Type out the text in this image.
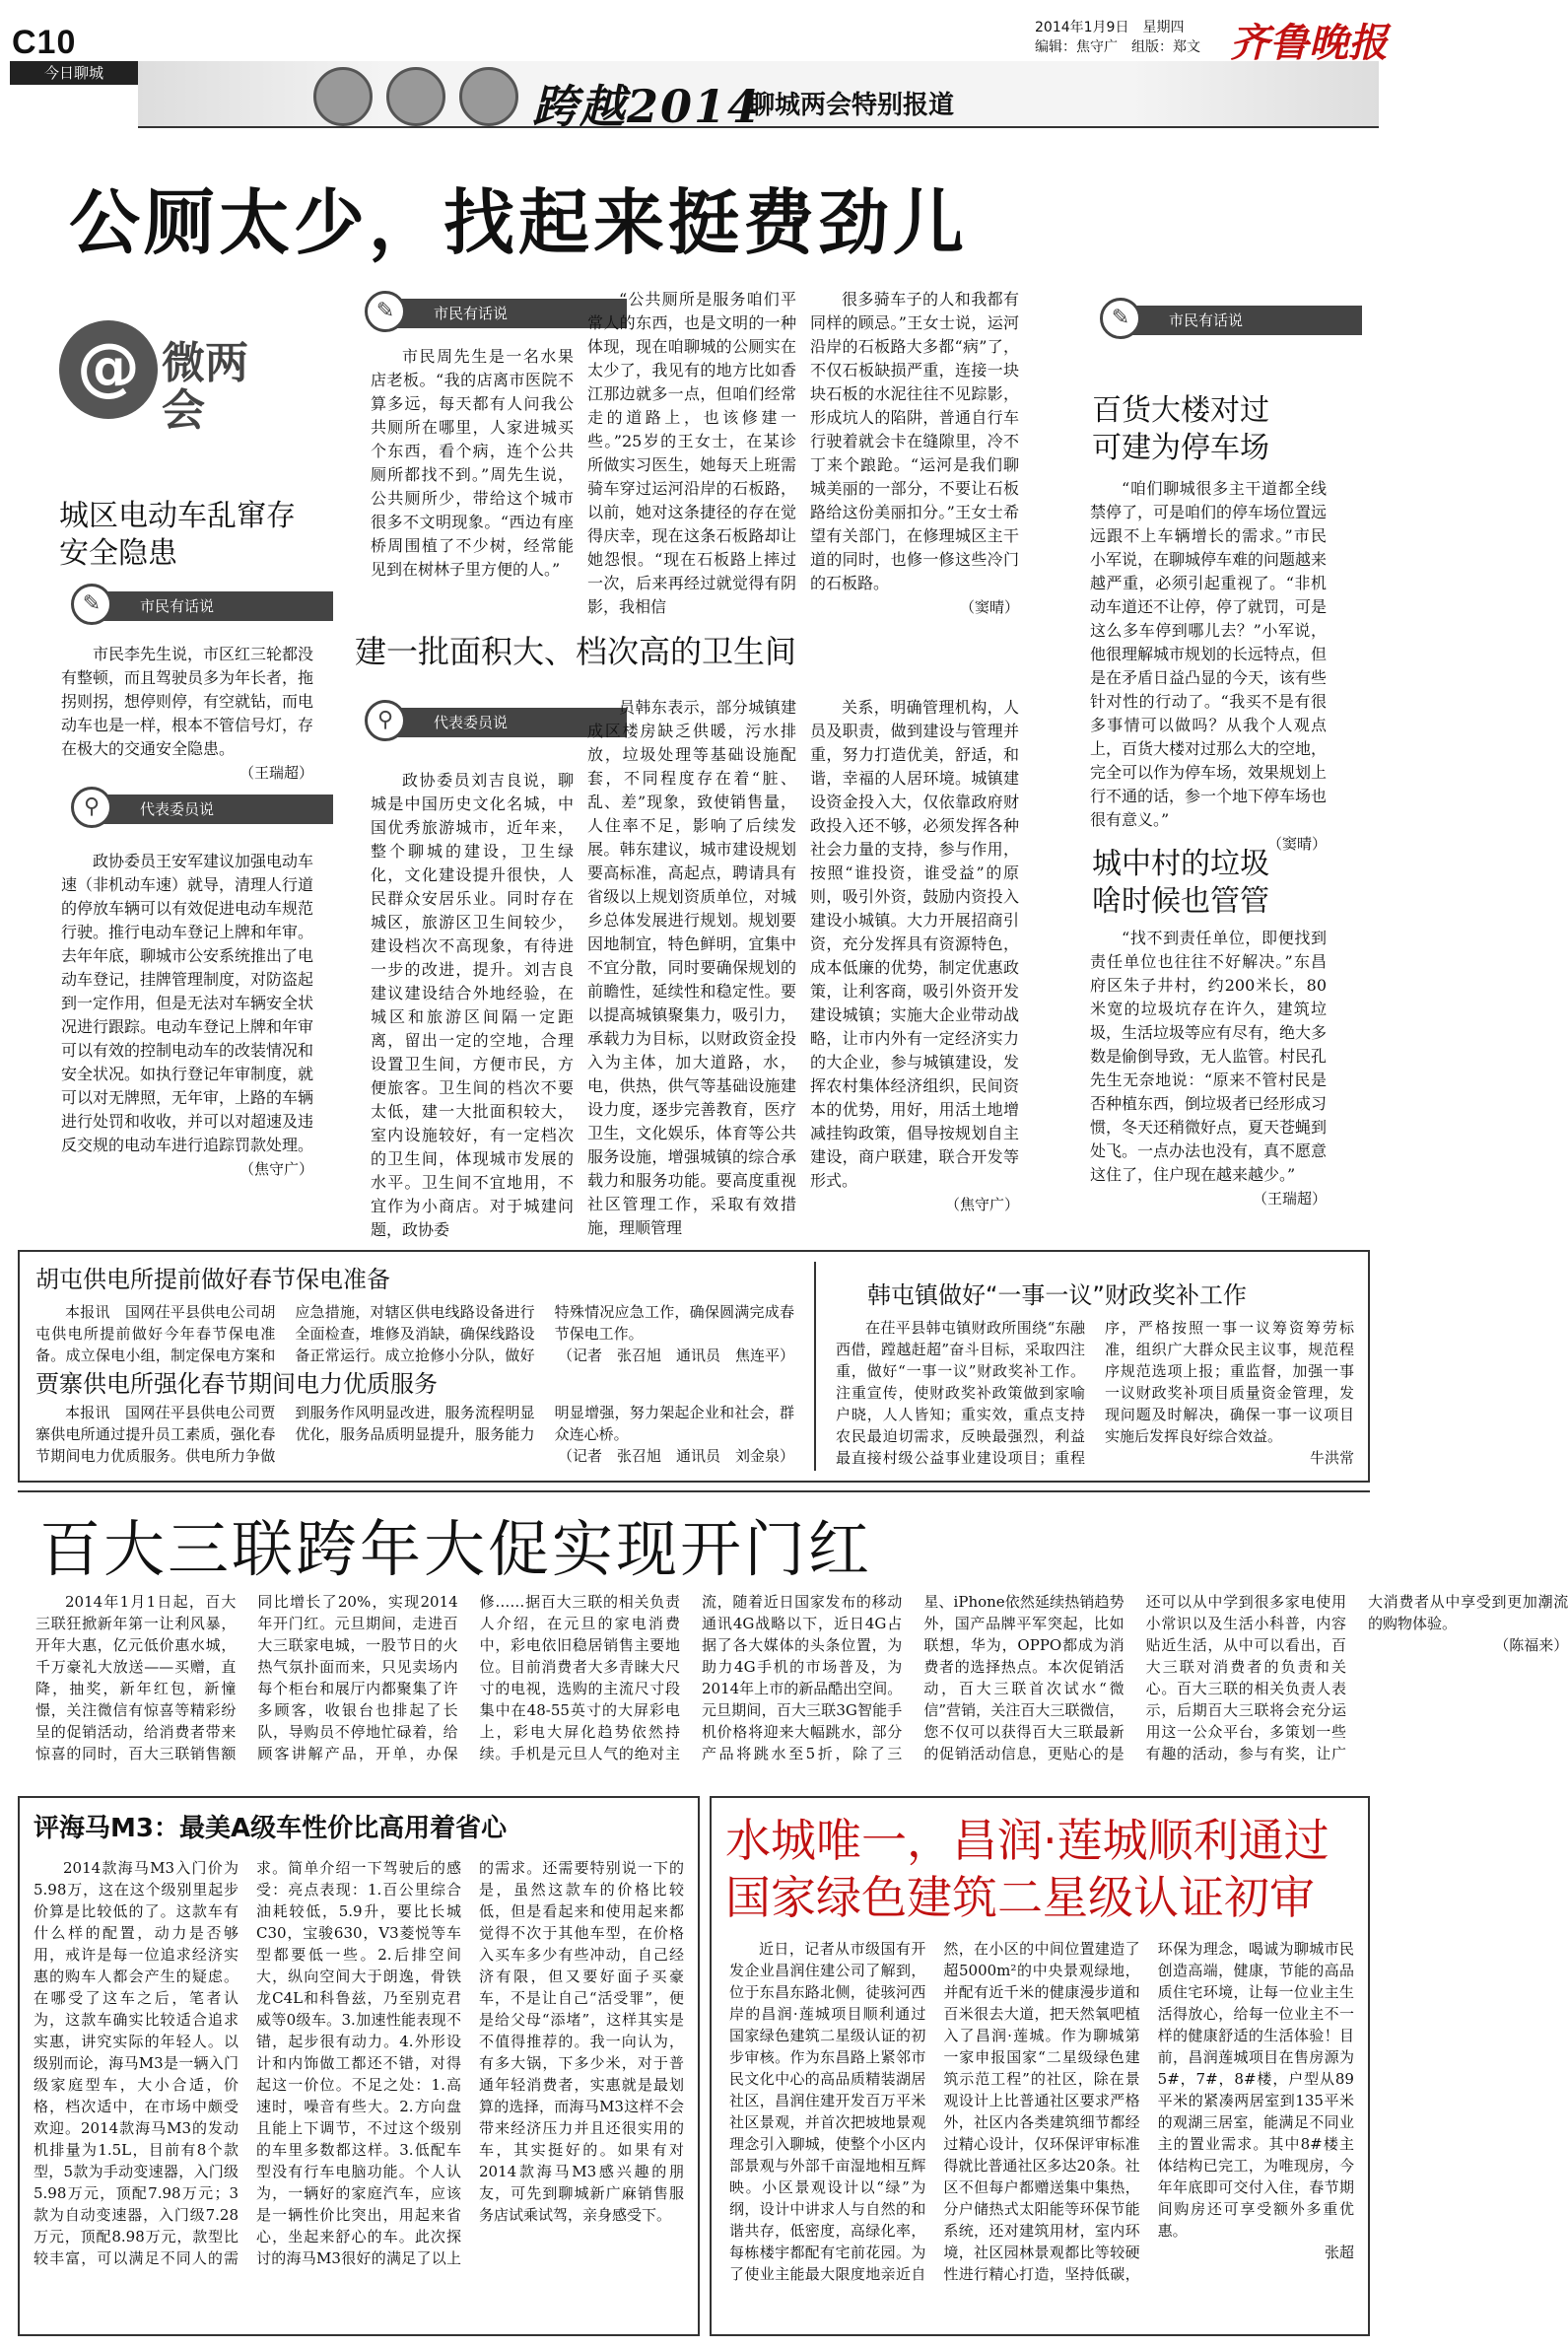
C10
今日聊城
跨越2014
聊城两会特别报道
2014年1月9日　星期四
编辑：焦守广　组版：郑文 齐鲁晚报
公厕太少，找起来挺费劲儿
@ 微两会
城区电动车乱窜存安全隐患
✎	市民有话说

市民李先生说，市区红三轮都没有整顿，而且驾驶员多为年长者，拖拐则拐，想停则停，有空就钻，而电动车也是一样，根本不管信号灯，存在极大的交通安全隐患。

（王瑞超）
⚲	代表委员说

政协委员王安军建议加强电动车速（非机动车速）就导，清理人行道的停放车辆可以有效促进电动车规范行驶。推行电动车登记上牌和年审。去年年底，聊城市公安系统推出了电动车登记，挂牌管理制度，对防盗起到一定作用，但是无法对车辆安全状况进行跟踪。电动车登记上牌和年审可以有效的控制电动车的改装情况和安全状况。如执行登记年审制度，就可以对无牌照，无年审，上路的车辆进行处罚和收收，并可以对超速及违反交规的电动车进行追踪罚款处理。

（焦守广）
✎	市民有话说

市民周先生是一名水果店老板。“我的店离市医院不算多远，每天都有人问我公共厕所在哪里，人家进城买个东西，看个病，连个公共厕所都找不到。”周先生说，公共厕所少，带给这个城市很多不文明现象。“西边有座桥周围植了不少树，经常能见到在树林子里方便的人。”

“公共厕所是服务咱们平常人的东西，也是文明的一种体现，现在咱聊城的公厕实在太少了，我见有的地方比如香江那边就多一点，但咱们经常走的道路上，也该修建一些。”25岁的王女士，在某诊所做实习医生，她每天上班需骑车穿过运河沿岸的石板路，以前，她对这条捷径的存在觉得庆幸，现在这条石板路却让她怨恨。“现在石板路上摔过一次，后来再经过就觉得有阴影，我相信

很多骑车子的人和我都有同样的顾忌。”王女士说，运河沿岸的石板路大多都“病”了，不仅石板缺损严重，连接一块块石板的水泥往往不见踪影，形成坑人的陷阱，普通自行车行驶着就会卡在缝隙里，冷不丁来个踉跄。“运河是我们聊城美丽的一部分，不要让石板路给这份美丽扣分。”王女士希望有关部门，在修理城区主干道的同时，也修一修这些冷门的石板路。

（窦晴）
建一批面积大、档次高的卫生间
⚲	代表委员说

政协委员刘吉良说，聊城是中国历史文化名城，中国优秀旅游城市，近年来，整个聊城的建设，卫生绿化，文化建设提升很快，人民群众安居乐业。同时存在城区，旅游区卫生间较少，建设档次不高现象，有待进一步的改进，提升。刘吉良建议建设结合外地经验，在城区和旅游区间隔一定距离，留出一定的空地，合理设置卫生间，方便市民，方便旅客。卫生间的档次不要太低，建一大批面积较大，室内设施较好，有一定档次的卫生间，体现城市发展的水平。卫生间不宜地用，不宜作为小商店。对于城建问题，政协委

员韩东表示，部分城镇建成区楼房缺乏供暖，污水排放，垃圾处理等基础设施配套，不同程度存在着“脏、乱、差”现象，致使销售量，人住率不足，影响了后续发展。韩东建议，城市建设规划要高标准，高起点，聘请具有省级以上规划资质单位，对城乡总体发展进行规划。规划要因地制宜，特色鲜明，宜集中不宜分散，同时要确保规划的前瞻性，延续性和稳定性。要以提高城镇聚集力，吸引力，承载力为目标，以财政资金投入为主体，加大道路，水，电，供热，供气等基础设施建设力度，逐步完善教育，医疗卫生，文化娱乐，体育等公共服务设施，增强城镇的综合承载力和服务功能。要高度重视社区管理工作，采取有效措施，理顺管理

关系，明确管理机构，人员及职责，做到建设与管理并重，努力打造优美，舒适，和谐，幸福的人居环境。城镇建设资金投入大，仅依靠政府财政投入还不够，必须发挥各种社会力量的支持，参与作用，按照“谁投资，谁受益”的原则，吸引外资，鼓励内资投入建设小城镇。大力开展招商引资，充分发挥具有资源特色，成本低廉的优势，制定优惠政策，让利客商，吸引外资开发建设城镇；实施大企业带动战略，让市内外有一定经济实力的大企业，参与城镇建设，发挥农村集体经济组织，民间资本的优势，用好，用活土地增减挂钩政策，倡导按规划自主建设，商户联建，联合开发等形式。

（焦守广）
✎	市民有话说
百货大楼对过可建为停车场

“咱们聊城很多主干道都全线禁停了，可是咱们的停车场位置远远跟不上车辆增长的需求。”市民小军说，在聊城停车难的问题越来越严重，必须引起重视了。“非机动车道还不让停，停了就罚，可是这么多车停到哪儿去？”小军说，他很理解城市规划的长远特点，但是在矛盾日益凸显的今天，该有些针对性的行动了。“我买不是有很多事情可以做吗？从我个人观点上，百货大楼对过那么大的空地，完全可以作为停车场，效果规划上行不通的话，参一个地下停车场也很有意义。”

（窦晴）
城中村的垃圾啥时候也管管

“找不到责任单位，即便找到责任单位也往往不好解决。”东昌府区朱子井村，约200米长，80米宽的垃圾坑存在许久，建筑垃圾，生活垃圾等应有尽有，绝大多数是偷倒导致，无人监管。村民孔先生无奈地说：“原来不管村民是否种植东西，倒垃圾者已经形成习惯，冬天还稍微好点，夏天苍蝇到处飞。一点办法也没有，真不愿意这住了，住户现在越来越少。”

（王瑞超）
胡屯供电所提前做好春节保电准备

本报讯　国网茌平县供电公司胡屯供电所提前做好今年春节保电准备。成立保电小组，制定保电方案和应急措施，对辖区供电线路设备进行全面检查，堆修及消缺，确保线路设备正常运行。成立抢修小分队，做好特殊情况应急工作，确保圆满完成春节保电工作。

（记者　张召旭　通讯员　焦连平）
贾寨供电所强化春节期间电力优质服务

本报讯　国网茌平县供电公司贾寨供电所通过提升员工素质，强化春节期间电力优质服务。供电所力争做到服务作风明显改进，服务流程明显优化，服务品质明显提升，服务能力明显增强，努力架起企业和社会，群众连心桥。

（记者　张召旭　通讯员　刘金泉）
韩屯镇做好“一事一议”财政奖补工作

在茌平县韩屯镇财政所围绕“东融西借，蹚越赶超”奋斗目标，采取四注重，做好“一事一议”财政奖补工作。注重宣传，使财政奖补政策做到家喻户晓，人人皆知；重实效，重点支持农民最迫切需求，反映最强烈，利益最直接村级公益事业建设项目；重程序，严格按照一事一议筹资筹劳标准，组织广大群众民主议事，规范程序规范选项上报；重监督，加强一事一议财政奖补项目质量资金管理，发现问题及时解决，确保一事一议项目实施后发挥良好综合效益。

牛洪常
百大三联跨年大促实现开门红

2014年1月1日起，百大三联狂掀新年第一让利风暴，开年大惠，亿元低价惠水城，千万豪礼大放送——买赠，直降，抽奖，新年红包，新憧憬，关注微信有惊喜等精彩纷呈的促销活动，给消费者带来惊喜的同时，百大三联销售额同比增长了20%，实现2014年开门红。元旦期间，走进百大三联家电城，一股节日的火热气氛扑面而来，只见卖场内每个柜台和展厅内都聚集了许多顾客，收银台也排起了长队，导购员不停地忙碌着，给顾客讲解产品，开单，办保修……据百大三联的相关负责人介绍，在元旦的家电消费中，彩电依旧稳居销售主要地位。目前消费者大多青睐大尺寸的电视，选购的主流尺寸段集中在48-55英寸的大屏彩电上，彩电大屏化趋势依然持续。手机是元旦人气的绝对主流，随着近日国家发布的移动通讯4G战略以下，近日4G占据了各大媒体的头条位置，为助力4G手机的市场普及，为2014年上市的新品酷出空间。元旦期间，百大三联3G智能手机价格将迎来大幅跳水，部分产品将跳水至5折，除了三星、iPhone依然延续热销趋势外，国产品牌平军突起，比如联想，华为，OPPO都成为消费者的选择热点。本次促销活动，百大三联首次试水“微信”营销，关注百大三联微信，您不仅可以获得百大三联最新的促销活动信息，更贴心的是还可以从中学到很多家电使用小常识以及生活小科普，内容贴近生活，从中可以看出，百大三联对消费者的负责和关心。百大三联的相关负责人表示，后期百大三联将会充分运用这一公众平台，多策划一些有趣的活动，参与有奖，让广大消费者从中享受到更加潮流的购物体验。

（陈福来）
评海马M3：最美A级车性价比高用着省心

2014款海马M3入门价为5.98万，这在这个级别里起步价算是比较低的了。这款车有什么样的配置，动力是否够用，戒许是每一位追求经济实惠的购车人都会产生的疑虑。在哪受了这车之后，笔者认为，这款车确实比较适合追求实惠，讲究实际的年轻人。以级别而论，海马M3是一辆入门级家庭型车，大小合适，价格，档次适中，在市场中颇受欢迎。2014款海马M3的发动机排量为1.5L，目前有8个款型，5款为手动变速器，入门级5.98万元，顶配7.98万元；3款为自动变速器，入门级7.28万元，顶配8.98万元，款型比较丰富，可以满足不同人的需求。简单介绍一下驾驶后的感受：亮点表现：1.百公里综合油耗较低，5.9升，要比长城C30，宝骏630，V3菱悦等车型都要低一些。2.后排空间大，纵向空间大于朗逸，骨铁龙C4L和科鲁兹，乃至别克君威等0级车。3.加速性能表现不错，起步很有动力。4.外形设计和内饰做工都还不错，对得起这一价位。不足之处：1.高速时，噪音有些大。2.方向盘且能上下调节，不过这个级别的车里多数都这样。3.低配车型没有行车电脑功能。个人认为，一辆好的家庭汽车，应该是一辆性价比突出，用起来省心，坐起来舒心的车。此次探讨的海马M3很好的满足了以上的需求。还需要特别说一下的是，虽然这款车的价格比较低，但是看起来和使用起来都觉得不次于其他车型，在价格入买车多少有些冲动，自己经济有限，但又要好面子买豪车，不是让自己“活受罪”，便是给父母“添堵”，这样其实是不值得推荐的。我一向认为，有多大锅，下多少米，对于普通年轻消费者，实惠就是最划算的选择，而海马M3这样不会带来经济压力并且还很实用的车，其实挺好的。如果有对2014款海马M3感兴趣的朋友，可先到聊城新广麻销售服务店试乘试驾，亲身感受下。

水城唯一，昌润·莲城顺利通过
国家绿色建筑二星级认证初审

近日，记者从市级国有开发企业昌润住建公司了解到，位于东昌东路北侧，徒骇河西岸的昌润·莲城项目顺利通过国家绿色建筑二星级认证的初步审核。作为东昌路上紧邻市民文化中心的高品质精装湖居社区，昌润住建开发百万平米社区景观，并首次把坡地景观理念引入聊城，使整个小区内部景观与外部千亩湿地相互辉映。小区景观设计以“绿”为纲，设计中讲求人与自然的和谐共存，低密度，高绿化率，每栋楼宇都配有宅前花园。为了使业主能最大限度地亲近自然，在小区的中间位置建造了超5000m²的中央景观绿地，并配有近千米的健康漫步道和百米很去大道，把天然氧吧植入了昌润·莲城。作为聊城第一家申报国家“二星级绿色建筑示范工程”的社区，除在景观设计上比普通社区要求严格外，社区内各类建筑细节都经过精心设计，仅环保评审标准得就比普通社区多达20条。社区不但每户都赠送集中集热，分户储热式太阳能等环保节能系统，还对建筑用材，室内环境，社区园林景观都比等较硬性进行精心打造，坚持低碳，环保为理念，喝诚为聊城市民创造高端，健康，节能的高品质住宅环境，让每一位业主生活得放心，给每一位业主不一样的健康舒适的生活体验！目前，昌润莲城项目在售房源为5#，7#，8#楼，户型从89平米的紧凑两居室到135平米的观湖三居室，能满足不同业主的置业需求。其中8#楼主体结构已完工，为唯现房，今年年底即可交付入住，春节期间购房还可享受额外多重优惠。

张超
